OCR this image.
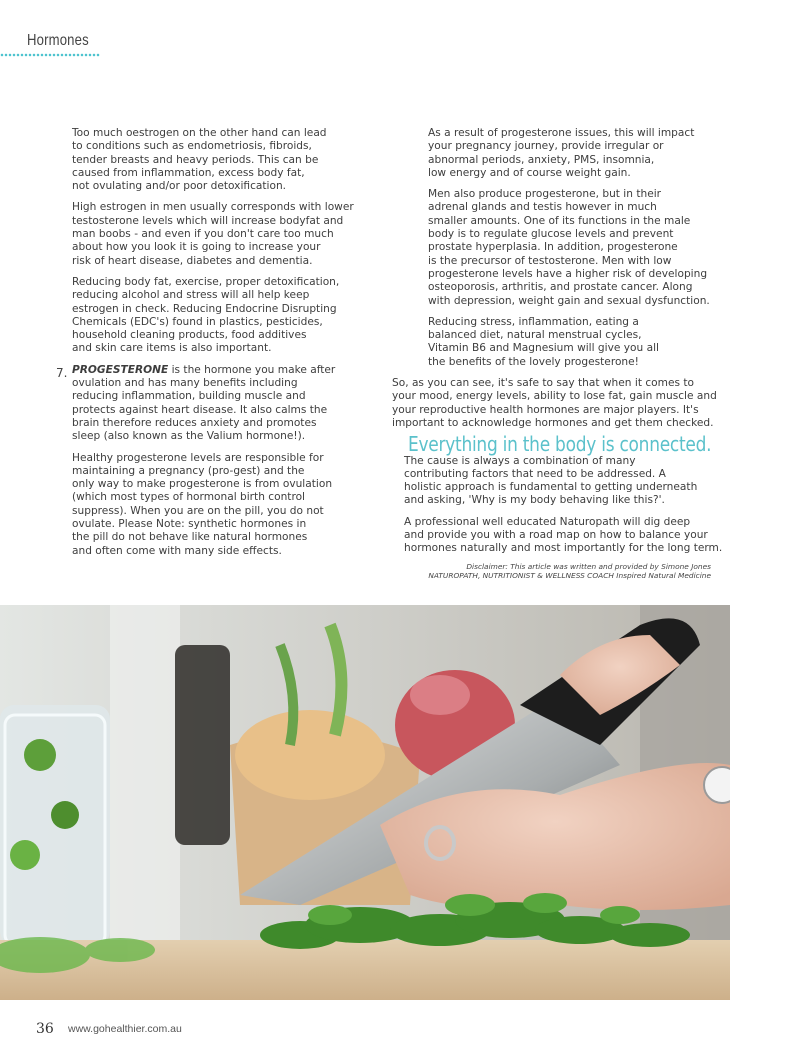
Hormones
7.

Too much oestrogen on the other hand can lead
to conditions such as endometriosis, fibroids,
tender breasts and heavy periods. This can be
caused from inflammation, excess body fat,
not ovulating and/or poor detoxification.

High estrogen in men usually corresponds with lower
testosterone levels which will increase bodyfat and
man boobs - and even if you don't care too much
about how you look it is going to increase your
risk of heart disease, diabetes and dementia.

Reducing body fat, exercise, proper detoxification,
reducing alcohol and stress will all help keep
estrogen in check. Reducing Endocrine Disrupting
Chemicals (EDC's) found in plastics, pesticides,
household cleaning products, food additives
and skin care items is also important.

PROGESTERONE is the hormone you make after
ovulation and has many benefits including
reducing inflammation, building muscle and
protects against heart disease. It also calms the
brain therefore reduces anxiety and promotes
sleep (also known as the Valium hormone!).

Healthy progesterone levels are responsible for
maintaining a pregnancy (pro-gest) and the
only way to make progesterone is from ovulation
(which most types of hormonal birth control
suppress). When you are on the pill, you do not
ovulate. Please Note: synthetic hormones in
the pill do not behave like natural hormones
and often come with many side effects.

As a result of progesterone issues, this will impact
your pregnancy journey, provide irregular or
abnormal periods, anxiety, PMS, insomnia,
low energy and of course weight gain.

Men also produce progesterone, but in their
adrenal glands and testis however in much
smaller amounts. One of its functions in the male
body is to regulate glucose levels and prevent
prostate hyperplasia. In addition, progesterone
is the precursor of testosterone. Men with low
progesterone levels have a higher risk of developing
osteoporosis, arthritis, and prostate cancer. Along
with depression, weight gain and sexual dysfunction.

Reducing stress, inflammation, eating a
balanced diet, natural menstrual cycles,
Vitamin B6 and Magnesium will give you all
the benefits of the lovely progesterone!

So, as you can see, it's safe to say that when it comes to
your mood, energy levels, ability to lose fat, gain muscle and
your reproductive health hormones are major players. It's
important to acknowledge hormones and get them checked.

Everything in the body is connected.

The cause is always a combination of many
contributing factors that need to be addressed. A
holistic approach is fundamental to getting underneath
and asking, 'Why is my body behaving like this?'.

A professional well educated Naturopath will dig deep
and provide you with a road map on how to balance your
hormones naturally and most importantly for the long term.

Disclaimer: This article was written and provided by Simone Jones
NATUROPATH, NUTRITIONIST & WELLNESS COACH Inspired Natural Medicine
36 www.gohealthier.com.au
